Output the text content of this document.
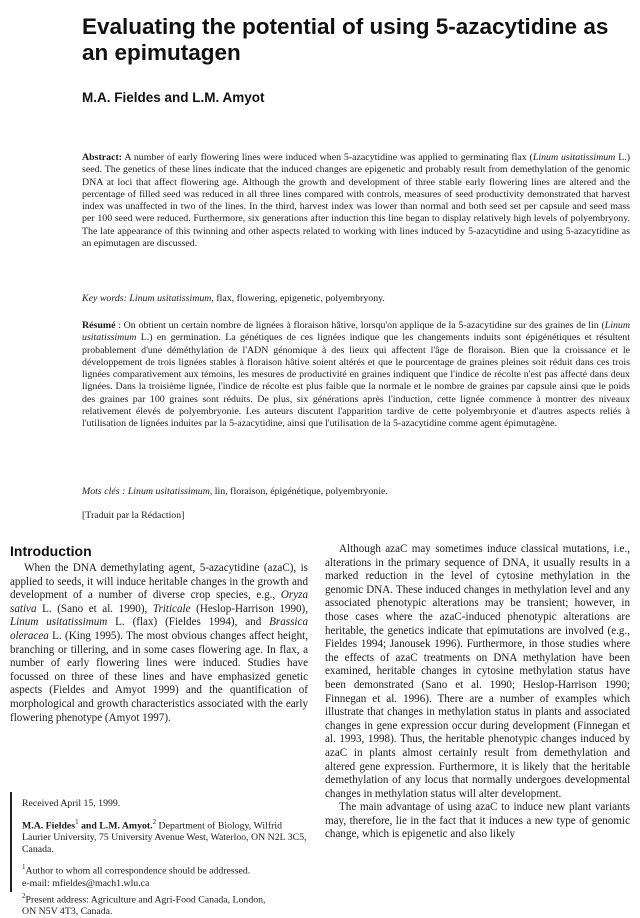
Evaluating the potential of using 5-azacytidine as an epimutagen
M.A. Fieldes and L.M. Amyot
Abstract: A number of early flowering lines were induced when 5-azacytidine was applied to germinating flax (Linum usitatissimum L.) seed. The genetics of these lines indicate that the induced changes are epigenetic and probably result from demethylation of the genomic DNA at loci that affect flowering age. Although the growth and development of three stable early flowering lines are altered and the percentage of filled seed was reduced in all three lines compared with controls, measures of seed productivity demonstrated that harvest index was unaffected in two of the lines. In the third, harvest index was lower than normal and both seed set per capsule and seed mass per 100 seed were reduced. Furthermore, six generations after induction this line began to display relatively high levels of polyembryony. The late appearance of this twinning and other aspects related to working with lines induced by 5-azacytidine and using 5-azacytidine as an epimutagen are discussed.
Key words: Linum usitatissimum, flax, flowering, epigenetic, polyembryony.
Résumé : On obtient un certain nombre de lignées à floraison hâtive, lorsqu'on applique de la 5-azacytidine sur des graines de lin (Linum usitatissimum L.) en germination. La génétiques de ces lignées indique que les changements induits sont épigénétiques et résultent probablement d'une déméthylation de l'ADN génomique à des lieux qui affectent l'âge de floraison. Bien que la croissance et le développement de trois lignées stables à floraison hâtive soient altérés et que le pourcentage de graines pleines soit réduit dans ces trois lignées comparativement aux témoins, les mesures de productivité en graines indiquent que l'indice de récolte n'est pas affecté dans deux lignées. Dans la troisième lignée, l'indice de récolte est plus faible que la normale et le nombre de graines par capsule ainsi que le poids des graines par 100 graines sont réduits. De plus, six générations après l'induction, cette lignée commence à montrer des niveaux relativement élevés de polyembryonie. Les auteurs discutent l'apparition tardive de cette polyembryonie et d'autres aspects reliés à l'utilisation de lignées induites par la 5-azacytidine, ainsi que l'utilisation de la 5-azacytidine comme agent épimutagène.
Mots clés : Linum usitatissimum, lin, floraison, épigénétique, polyembryonie.
[Traduit par la Rédaction]
Introduction
When the DNA demethylating agent, 5-azacytidine (azaC), is applied to seeds, it will induce heritable changes in the growth and development of a number of diverse crop species, e.g., Oryza sativa L. (Sano et al. 1990), Triticale (Heslop-Harrison 1990), Linum usitatissimum L. (flax) (Fieldes 1994), and Brassica oleracea L. (King 1995). The most obvious changes affect height, branching or tillering, and in some cases flowering age. In flax, a number of early flowering lines were induced. Studies have focussed on three of these lines and have emphasized genetic aspects (Fieldes and Amyot 1999) and the quantification of morphological and growth characteristics associated with the early flowering phenotype (Amyot 1997).

Although azaC may sometimes induce classical mutations, i.e., alterations in the primary sequence of DNA, it usually results in a marked reduction in the level of cytosine methylation in the genomic DNA. These induced changes in methylation level and any associated phenotypic alterations may be transient; however, in those cases where the azaC-induced phenotypic alterations are heritable, the genetics indicate that epimutations are involved (e.g., Fieldes 1994; Janousek 1996). Furthermore, in those studies where the effects of azaC treatments on DNA methylation have been examined, heritable changes in cytosine methylation status have been demonstrated (Sano et al. 1990; Heslop-Harrison 1990; Finnegan et al. 1996). There are a number of examples which illustrate that changes in methylation status in plants and associated changes in gene expression occur during development (Finnegan et al. 1993, 1998). Thus, the heritable phenotypic changes induced by azaC in plants almost certainly result from demethylation and altered gene expression. Furthermore, it is likely that the heritable demethylation of any locus that normally undergoes developmental changes in methylation status will alter development.

The main advantage of using azaC to induce new plant variants may, therefore, lie in the fact that it induces a new type of genomic change, which is epigenetic and also likely

Received April 15, 1999.
M.A. Fieldes$^1$ and L.M. Amyot.$^2$ Department of Biology, Wilfrid Laurier University, 75 University Avenue West, Waterloo, ON N2L 3C5, Canada.
$^1$Author to whom all correspondence should be addressed.
e-mail: mfieldes@mach1.wlu.ca
$^2$Present address: Agriculture and Agri-Food Canada, London,
ON N5V 4T3, Canada.
